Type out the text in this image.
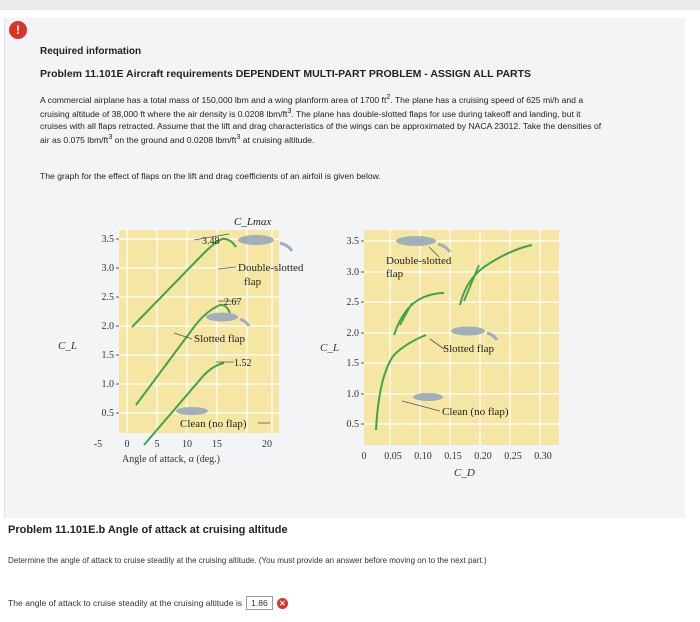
!
Required information
Problem 11.101E Aircraft requirements DEPENDENT MULTI-PART PROBLEM - ASSIGN ALL PARTS
A commercial airplane has a total mass of 150,000 lbm and a wing planform area of 1700 $ft^2$. The plane has a cruising speed of 625 mi/h and a cruising altitude of 38,000 ft where the air density is 0.0208 lbm/$ft^3$. The plane has double-slotted flaps for use during takeoff and landing, but it cruises with all flaps retracted. Assume that the lift and drag characteristics of the wings can be approximated by NACA 23012. Take the densities of air as 0.075 lbm/$ft^3$ on the ground and 0.0208 lbm/$ft^3$ at cruising altitude.
The graph for the effect of flaps on the lift and drag coefficients of an airfoil is given below.
3.5
3.0
2.5
2.0
1.5
1.0
0.5
C_L
-5 0	5 10 15	20
Angle of attack, α (deg.)
C_Lmax
3.48
Double-slotted
flap
2.67
Slotted flap
1.52
Clean (no flap)
3.5
3.0
2.5
2.0
1.5
1.0
0.5
C_L
0 0.05 0.10 0.15 0.20 0.25 0.30
C_D
Double-slotted
flap
Slotted flap
Clean (no flap)
Problem 11.101E.b Angle of attack at cruising altitude
Determine the angle of attack to cruise steadily at the cruising altitude. (You must provide an answer before moving on to the next part.)
The angle of attack to cruise steadily at the cruising altitude is	1.86	✕
